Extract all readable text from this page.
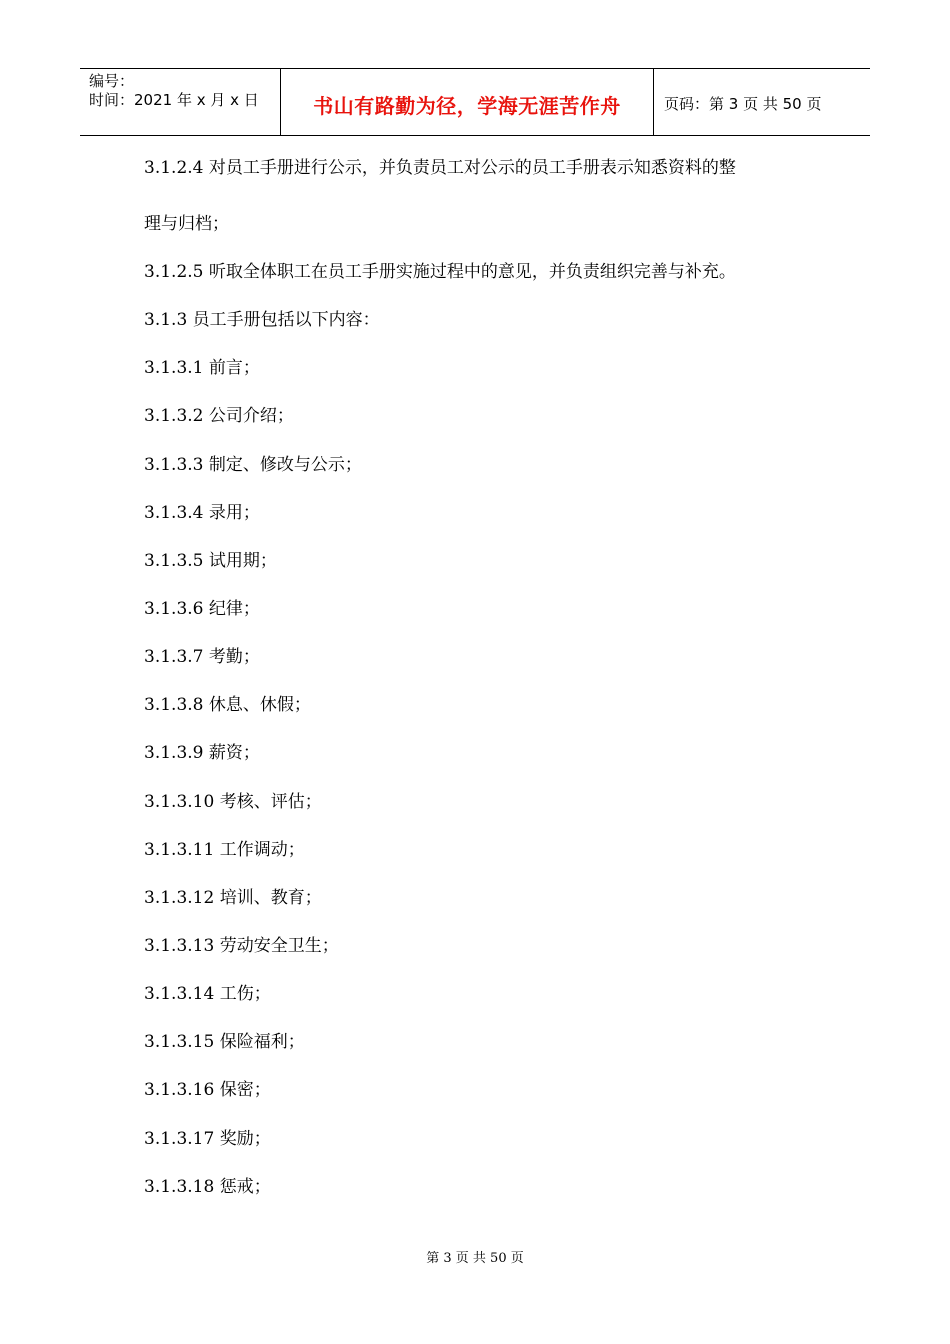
编号：
时间：2021 年 x 月 x 日	书山有路勤为径，学海无涯苦作舟	页码：第 3 页 共 50 页
3.1.2.4 对员工手册进行公示，并负责员工对公示的员工手册表示知悉资料的整
理与归档；
3.1.2.5 听取全体职工在员工手册实施过程中的意见，并负责组织完善与补充。
3.1.3 员工手册包括以下内容：
3.1.3.1 前言；
3.1.3.2 公司介绍；
3.1.3.3 制定、修改与公示；
3.1.3.4 录用；
3.1.3.5 试用期；
3.1.3.6 纪律；
3.1.3.7 考勤；
3.1.3.8 休息、休假；
3.1.3.9 薪资；
3.1.3.10 考核、评估；
3.1.3.11 工作调动；
3.1.3.12 培训、教育；
3.1.3.13 劳动安全卫生；
3.1.3.14 工伤；
3.1.3.15 保险福利；
3.1.3.16 保密；
3.1.3.17 奖励；
3.1.3.18 惩戒；
第 3 页 共 50 页
